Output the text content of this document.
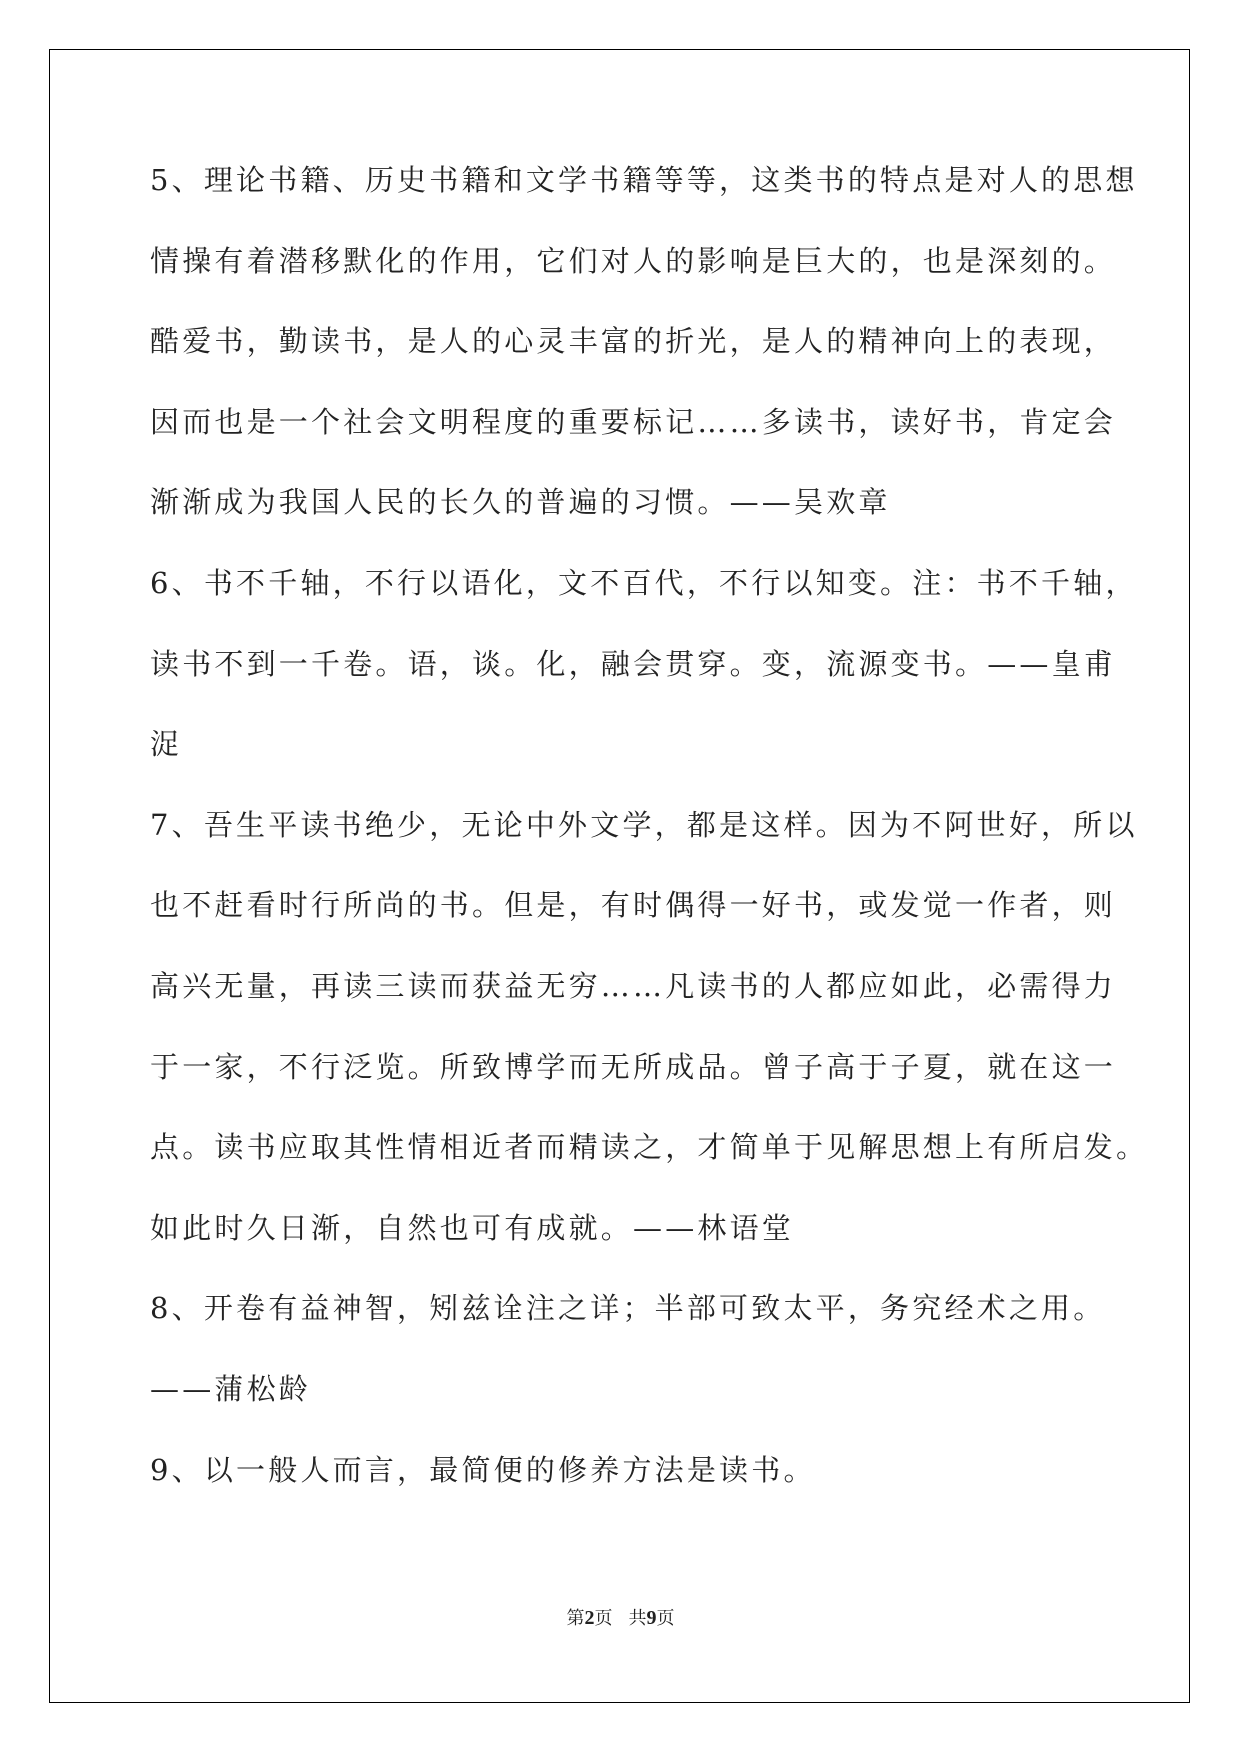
5、理论书籍、历史书籍和文学书籍等等，这类书的特点是对人的思想
情操有着潜移默化的作用，它们对人的影响是巨大的，也是深刻的。
酷爱书，勤读书，是人的心灵丰富的折光，是人的精神向上的表现，
因而也是一个社会文明程度的重要标记……多读书，读好书，肯定会
渐渐成为我国人民的长久的普遍的习惯。——吴欢章
6、书不千轴，不行以语化，文不百代，不行以知变。注：书不千轴，
读书不到一千卷。语，谈。化，融会贯穿。变，流源变书。——皇甫
浞
7、吾生平读书绝少，无论中外文学，都是这样。因为不阿世好，所以
也不赶看时行所尚的书。但是，有时偶得一好书，或发觉一作者，则
高兴无量，再读三读而获益无穷……凡读书的人都应如此，必需得力
于一家，不行泛览。所致博学而无所成品。曾子高于子夏，就在这一
点。读书应取其性情相近者而精读之，才简单于见解思想上有所启发。
如此时久日渐，自然也可有成就。——林语堂
8、开卷有益神智，矧兹诠注之详；半部可致太平，务究经术之用。
——蒲松龄
9、以一般人而言，最简便的修养方法是读书。
第2页 共9页
